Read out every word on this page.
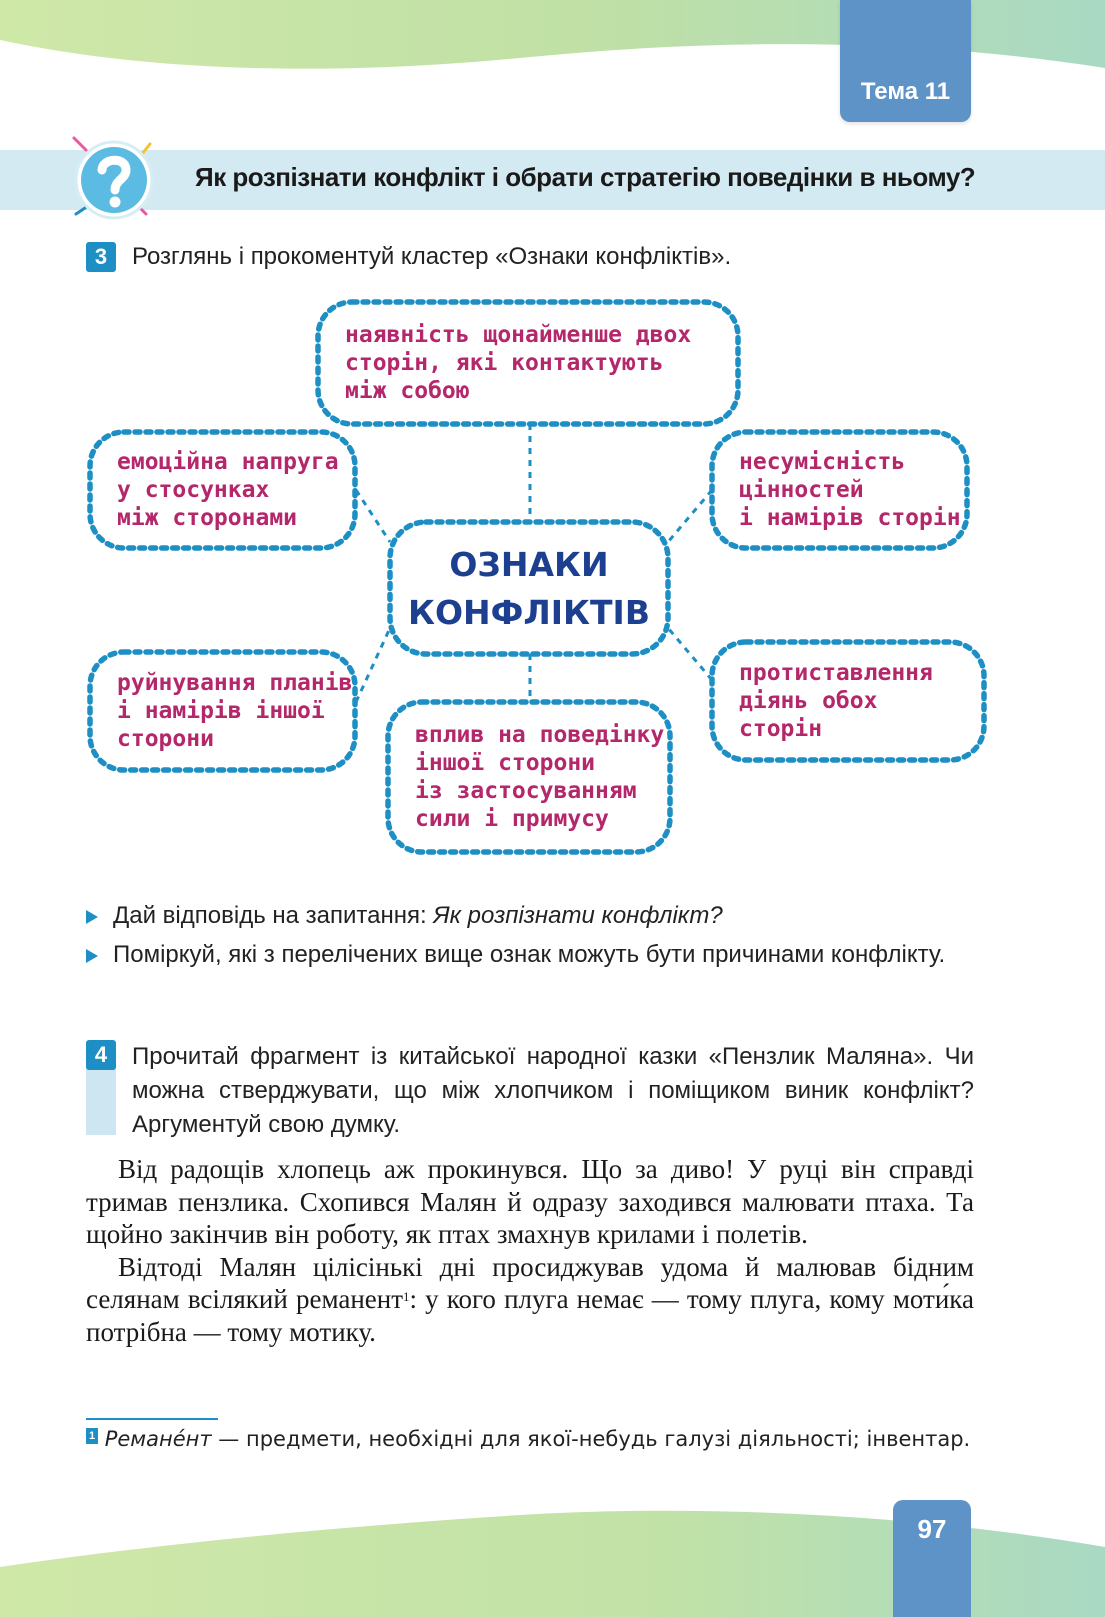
Тема 11
Як розпізнати конфлікт і обрати стратегію поведінки в ньому?
3	Розглянь і прокоментуй кластер «Ознаки конфліктів».
наявність щонайменше двох
сторін, які контактують
між собою
емоційна напруга
у стосунках
між сторонами
несумісність
цінностей
і намірів сторін
руйнування планів
і намірів іншої
сторони	вплив на поведінку
іншої сторони
із застосуванням
сили і примусу
протиставлення
діянь обох
сторін
ОЗНАКИ
КОНФЛІКТІВ
Дай відповідь на запитання: Як розпізнати конфлікт?
Поміркуй, які з перелічених вище ознак можуть бути причинами конфлікту.
4	Прочитай фрагмент із китайської народної казки «Пензлик Маляна». Чи можна стверджувати, що між хлопчиком і поміщиком виник конфлікт? Аргументуй свою думку.

Від радощів хлопець аж прокинувся. Що за диво! У руці він справді тримав пензлика. Схопився Малян й одразу заходився малювати птаха. Та щойно закінчив він роботу, як птах змахнув крилами і полетів.

Відтоді Малян цілісінькі дні просиджував удома й малював бідним селянам всілякий реманент$^1$: у кого плуга немає — тому плуга, кому моти́ка потрібна — тому мотику.

1 Реманéнт — предмети, необхідні для якої-небудь галузі діяльності; інвентар.
97
